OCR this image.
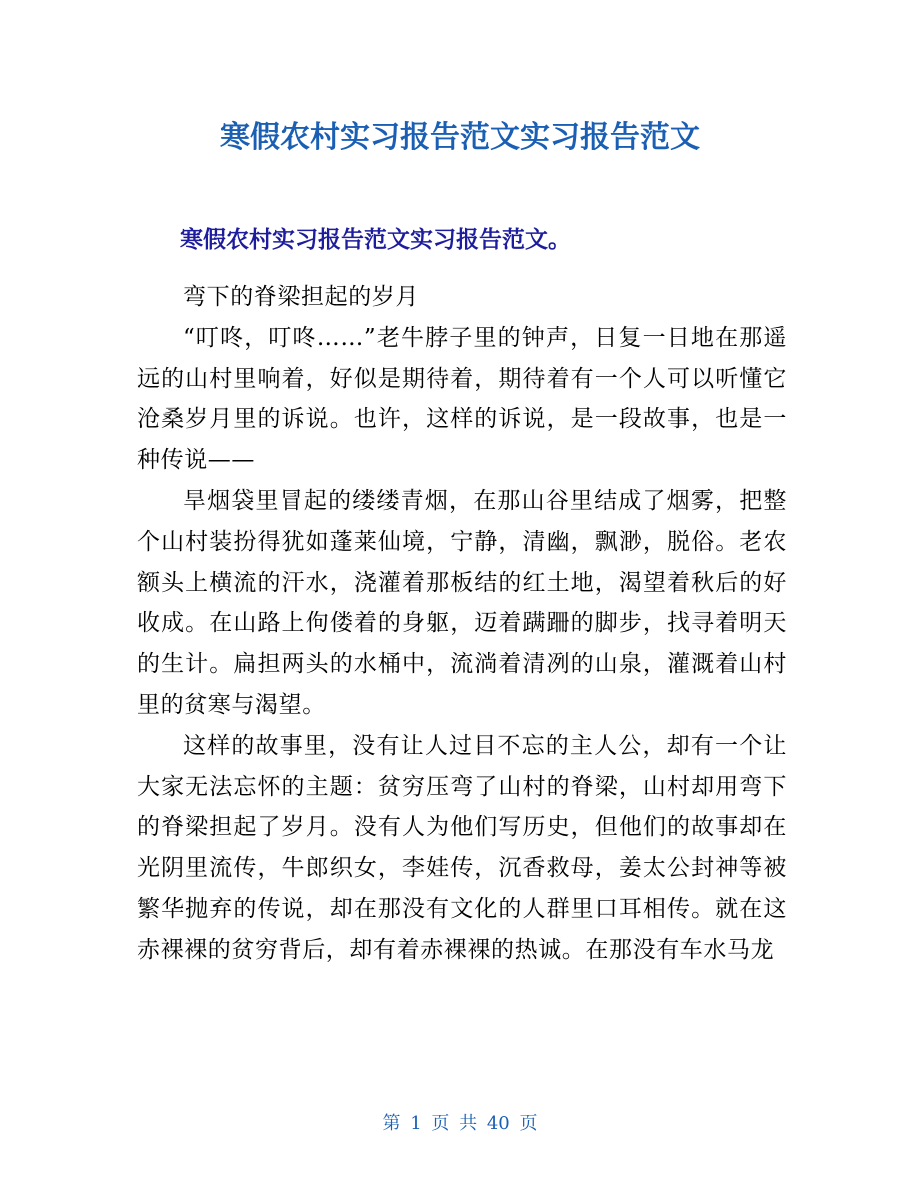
寒假农村实习报告范文实习报告范文
寒假农村实习报告范文实习报告范文。

弯下的脊梁担起的岁月

“叮咚，叮咚……”老牛脖子里的钟声，日复一日地在那遥远的山村里响着，好似是期待着，期待着有一个人可以听懂它沧桑岁月里的诉说。也许，这样的诉说，是一段故事，也是一种传说——

旱烟袋里冒起的缕缕青烟，在那山谷里结成了烟雾，把整个山村装扮得犹如蓬莱仙境，宁静，清幽，飘渺，脱俗。老农额头上横流的汗水，浇灌着那板结的红土地，渴望着秋后的好收成。在山路上佝偻着的身躯，迈着蹒跚的脚步，找寻着明天的生计。扁担两头的水桶中，流淌着清冽的山泉，灌溉着山村里的贫寒与渴望。

这样的故事里，没有让人过目不忘的主人公，却有一个让大家无法忘怀的主题：贫穷压弯了山村的脊梁，山村却用弯下的脊梁担起了岁月。没有人为他们写历史，但他们的故事却在光阴里流传，牛郎织女，李娃传，沉香救母，姜太公封神等被繁华抛弃的传说，却在那没有文化的人群里口耳相传。就在这赤裸裸的贫穷背后，却有着赤裸裸的热诚。在那没有车水马龙

第 1 页 共 40 页
